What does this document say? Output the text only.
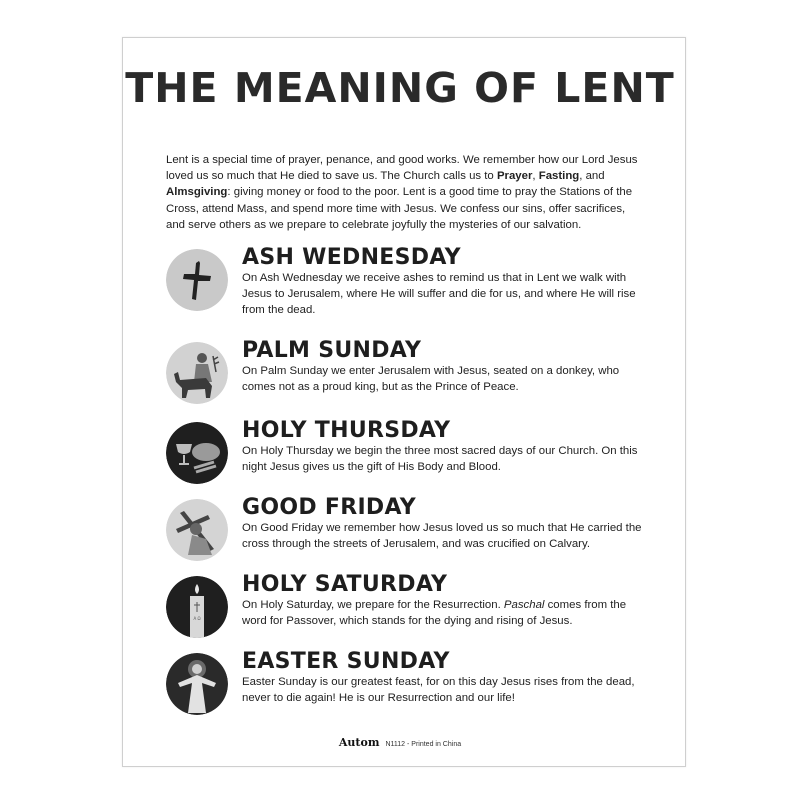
THE MEANING OF LENT

Lent is a special time of prayer, penance, and good works. We remember how our Lord Jesus loved us so much that He died to save us. The Church calls us to Prayer, Fasting, and Almsgiving: giving money or food to the poor. Lent is a good time to pray the Stations of the Cross, attend Mass, and spend more time with Jesus. We confess our sins, offer sacrifices, and serve others as we prepare to celebrate joyfully the mysteries of our salvation.

ASH WEDNESDAY

On Ash Wednesday we receive ashes to remind us that in Lent we walk with Jesus to Jerusalem, where He will suffer and die for us, and where He will rise from the dead.

PALM SUNDAY

On Palm Sunday we enter Jerusalem with Jesus, seated on a donkey, who comes not as a proud king, but as the Prince of Peace.

HOLY THURSDAY

On Holy Thursday we begin the three most sacred days of our Church. On this night Jesus gives us the gift of His Body and Blood.

GOOD FRIDAY

On Good Friday we remember how Jesus loved us so much that He carried the cross through the streets of Jerusalem, and was crucified on Calvary.

A Ω
HOLY SATURDAY

On Holy Saturday, we prepare for the Resurrection. Paschal comes from the word for Passover, which stands for the dying and rising of Jesus.

EASTER SUNDAY

Easter Sunday is our greatest feast, for on this day Jesus rises from the dead, never to die again! He is our Resurrection and our life!

Autom N1112 - Printed in China
